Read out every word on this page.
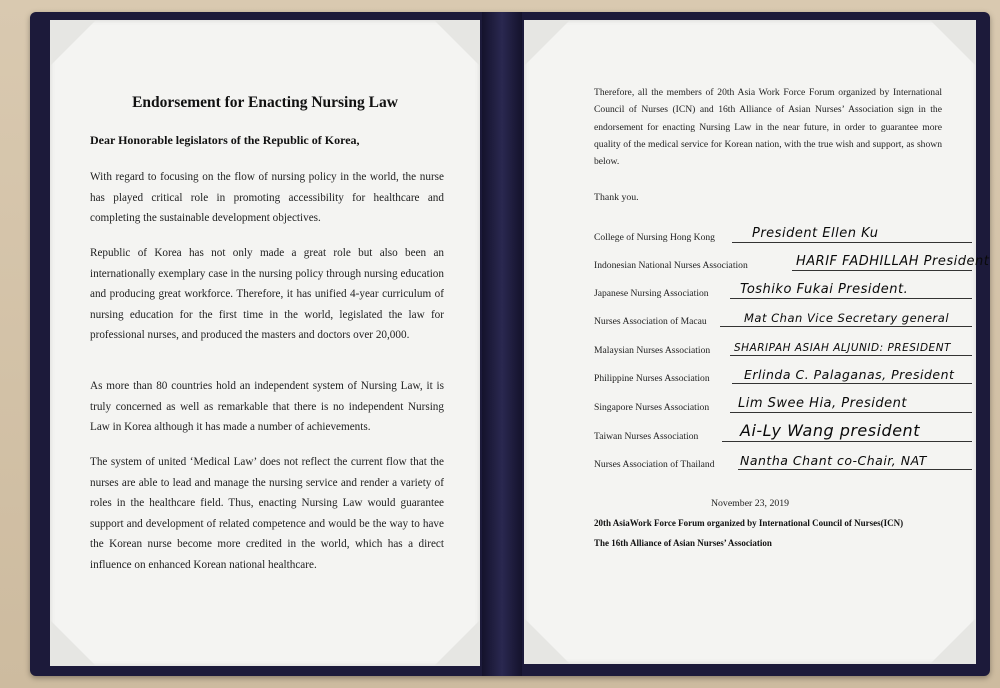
Endorsement for Enacting Nursing Law
Dear Honorable legislators of the Republic of Korea,
With regard to focusing on the flow of nursing policy in the world, the nurse has played critical role in promoting accessibility for healthcare and completing the sustainable development objectives.
Republic of Korea has not only made a great role but also been an internationally exemplary case in the nursing policy through nursing education and producing great workforce. Therefore, it has unified 4-year curriculum of nursing education for the first time in the world, legislated the law for professional nurses, and produced the masters and doctors over 20,000.
As more than 80 countries hold an independent system of Nursing Law, it is truly concerned as well as remarkable that there is no independent Nursing Law in Korea although it has made a number of achievements.
The system of united ‘Medical Law’ does not reflect the current flow that the nurses are able to lead and manage the nursing service and render a variety of roles in the healthcare field. Thus, enacting Nursing Law would guarantee support and development of related competence and would be the way to have the Korean nurse become more credited in the world, which has a direct influence on enhanced Korean national healthcare.
Therefore, all the members of 20th Asia Work Force Forum organized by International Council of Nurses (ICN) and 16th Alliance of Asian Nurses’ Association sign in the endorsement for enacting Nursing Law in the near future, in order to guarantee more quality of the medical service for Korean nation, with the true wish and support, as shown below.
Thank you.
College of Nursing Hong Kong	President Ellen Ku
Indonesian National Nurses Association	HARIF FADHILLAH President
Japanese Nursing Association Toshiko Fukai President.
Nurses Association of Macau	Mat Chan Vice Secretary general
Malaysian Nurses Association SHARIPAH ASIAH ALJUNID: PRESIDENT
Philippine Nurses Association	Erlinda C. Palaganas, President
Singapore Nurses Association Lim Swee Hia, President
Taiwan Nurses Association	Ai-Ly Wang president
Nurses Association of Thailand Nantha Chant co-Chair, NAT
November 23, 2019
20th AsiaWork Force Forum organized by International Council of Nurses(ICN)
The 16th Alliance of Asian Nurses’ Association
